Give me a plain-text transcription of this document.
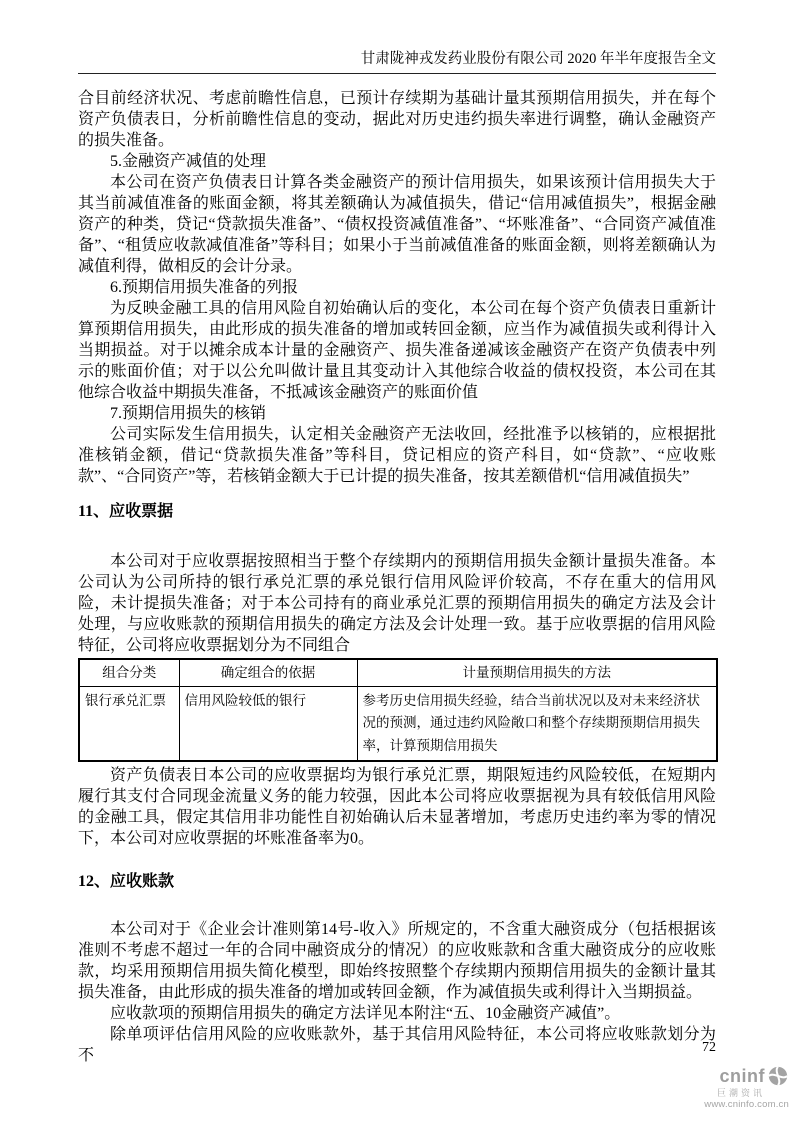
甘肃陇神戎发药业股份有限公司 2020 年半年度报告全文

合目前经济状况、考虑前瞻性信息，已预计存续期为基础计量其预期信用损失，并在每个资产负债表日，分析前瞻性信息的变动，据此对历史违约损失率进行调整，确认金融资产的损失准备。

5.金融资产减值的处理

本公司在资产负债表日计算各类金融资产的预计信用损失，如果该预计信用损失大于其当前减值准备的账面金额，将其差额确认为减值损失，借记“信用减值损失”，根据金融资产的种类，贷记“贷款损失准备”、“债权投资减值准备”、“坏账准备”、“合同资产减值准备”、“租赁应收款减值准备”等科目；如果小于当前减值准备的账面金额，则将差额确认为减值利得，做相反的会计分录。

6.预期信用损失准备的列报

为反映金融工具的信用风险自初始确认后的变化，本公司在每个资产负债表日重新计算预期信用损失，由此形成的损失准备的增加或转回金额，应当作为减值损失或利得计入当期损益。对于以摊余成本计量的金融资产、损失准备递减该金融资产在资产负债表中列示的账面价值；对于以公允叫做计量且其变动计入其他综合收益的债权投资，本公司在其他综合收益中期损失准备，不抵减该金融资产的账面价值

7.预期信用损失的核销

公司实际发生信用损失，认定相关金融资产无法收回，经批准予以核销的，应根据批准核销金额，借记“贷款损失准备”等科目，贷记相应的资产科目，如“贷款”、“应收账款”、“合同资产”等，若核销金额大于已计提的损失准备，按其差额借机“信用减值损失”

11、应收票据

本公司对于应收票据按照相当于整个存续期内的预期信用损失金额计量损失准备。本公司认为公司所持的银行承兑汇票的承兑银行信用风险评价较高，不存在重大的信用风险，未计提损失准备；对于本公司持有的商业承兑汇票的预期信用损失的确定方法及会计处理，与应收账款的预期信用损失的确定方法及会计处理一致。基于应收票据的信用风险特征，公司将应收票据划分为不同组合

组合分类	确定组合的依据	计量预期信用损失的方法
银行承兑汇票	信用风险较低的银行	参考历史信用损失经验，结合当前状况以及对未来经济状况的预测，通过违约风险敞口和整个存续期预期信用损失率，计算预期信用损失

资产负债表日本公司的应收票据均为银行承兑汇票，期限短违约风险较低，在短期内履行其支付合同现金流量义务的能力较强，因此本公司将应收票据视为具有较低信用风险的金融工具，假定其信用非功能性自初始确认后未显著增加，考虑历史违约率为零的情况下，本公司对应收票据的坏账准备率为0。

12、应收账款

本公司对于《企业会计准则第14号-收入》所规定的，不含重大融资成分（包括根据该准则不考虑不超过一年的合同中融资成分的情况）的应收账款和含重大融资成分的应收账款，均采用预期信用损失简化模型，即始终按照整个存续期内预期信用损失的金额计量其损失准备，由此形成的损失准备的增加或转回金额，作为减值损失或利得计入当期损益。

应收款项的预期信用损失的确定方法详见本附注“五、10金融资产减值”。

除单项评估信用风险的应收账款外，基于其信用风险特征，本公司将应收账款划分为不	72
cninf
巨潮资讯
www.cninfo.com.cn
